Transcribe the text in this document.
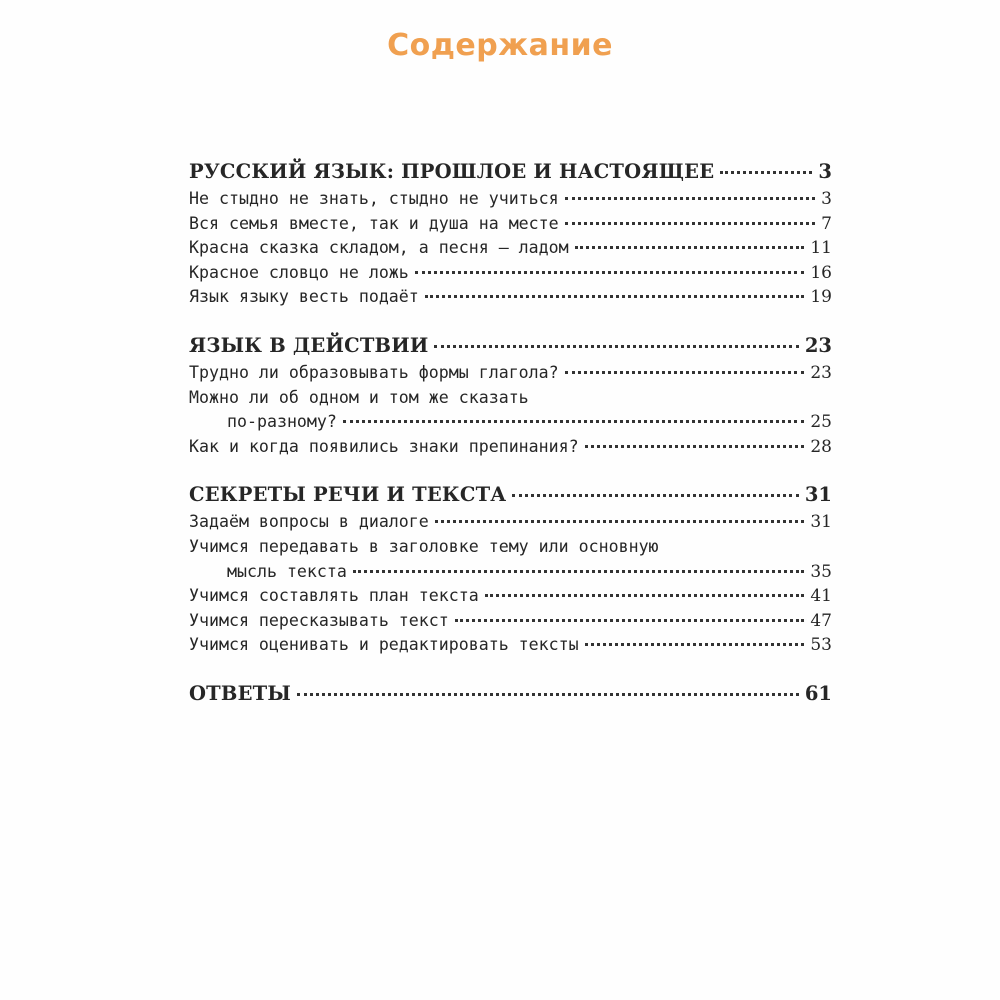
Содержание
РУССКИЙ ЯЗЫК: ПРОШЛОЕ И НАСТОЯЩЕЕ	3
Не стыдно не знать, стыдно не учиться	3
Вся семья вместе, так и душа на месте	7
Красна сказка складом, а песня – ладом	11
Красное словцо не ложь	16
Язык языку весть подаёт	19
ЯЗЫК В ДЕЙСТВИИ	23
Трудно ли образовывать формы глагола?	23
Можно ли об одном и том же сказать
по-разному?	25
Как и когда появились знаки препинания?	28
СЕКРЕТЫ РЕЧИ И ТЕКСТА	31
Задаём вопросы в диалоге	31
Учимся передавать в заголовке тему или основную
мысль текста	35
Учимся составлять план текста	41
Учимся пересказывать текст	47
Учимся оценивать и редактировать тексты	53
ОТВЕТЫ	61
